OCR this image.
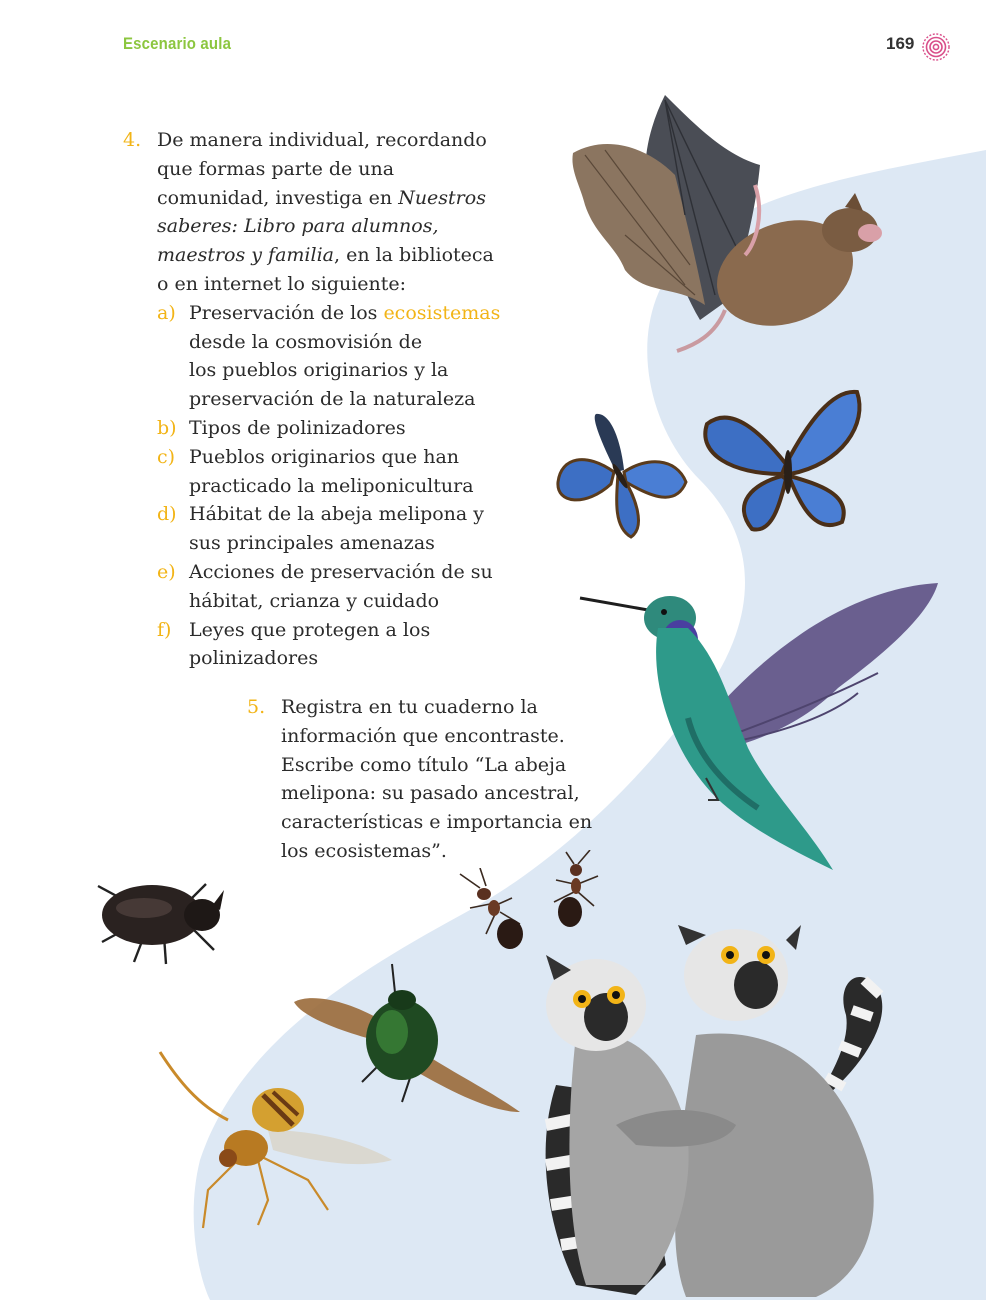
Escenario aula	169
4. De manera individual, recordando
que formas parte de una
comunidad, investiga en Nuestros
saberes: Libro para alumnos,
maestros y familia, en la biblioteca
o en internet lo siguiente:
a) Preservación de los ecosistemas
desde la cosmovisión de
los pueblos originarios y la
preservación de la naturaleza
b) Tipos de polinizadores
c) Pueblos originarios que han
practicado la meliponicultura
d) Hábitat de la abeja melipona y
sus principales amenazas
e) Acciones de preservación de su
hábitat, crianza y cuidado
f) Leyes que protegen a los
polinizadores
5. Registra en tu cuaderno la
información que encontraste.
Escribe como título “La abeja
melipona: su pasado ancestral,
características e importancia en
los ecosistemas”.
